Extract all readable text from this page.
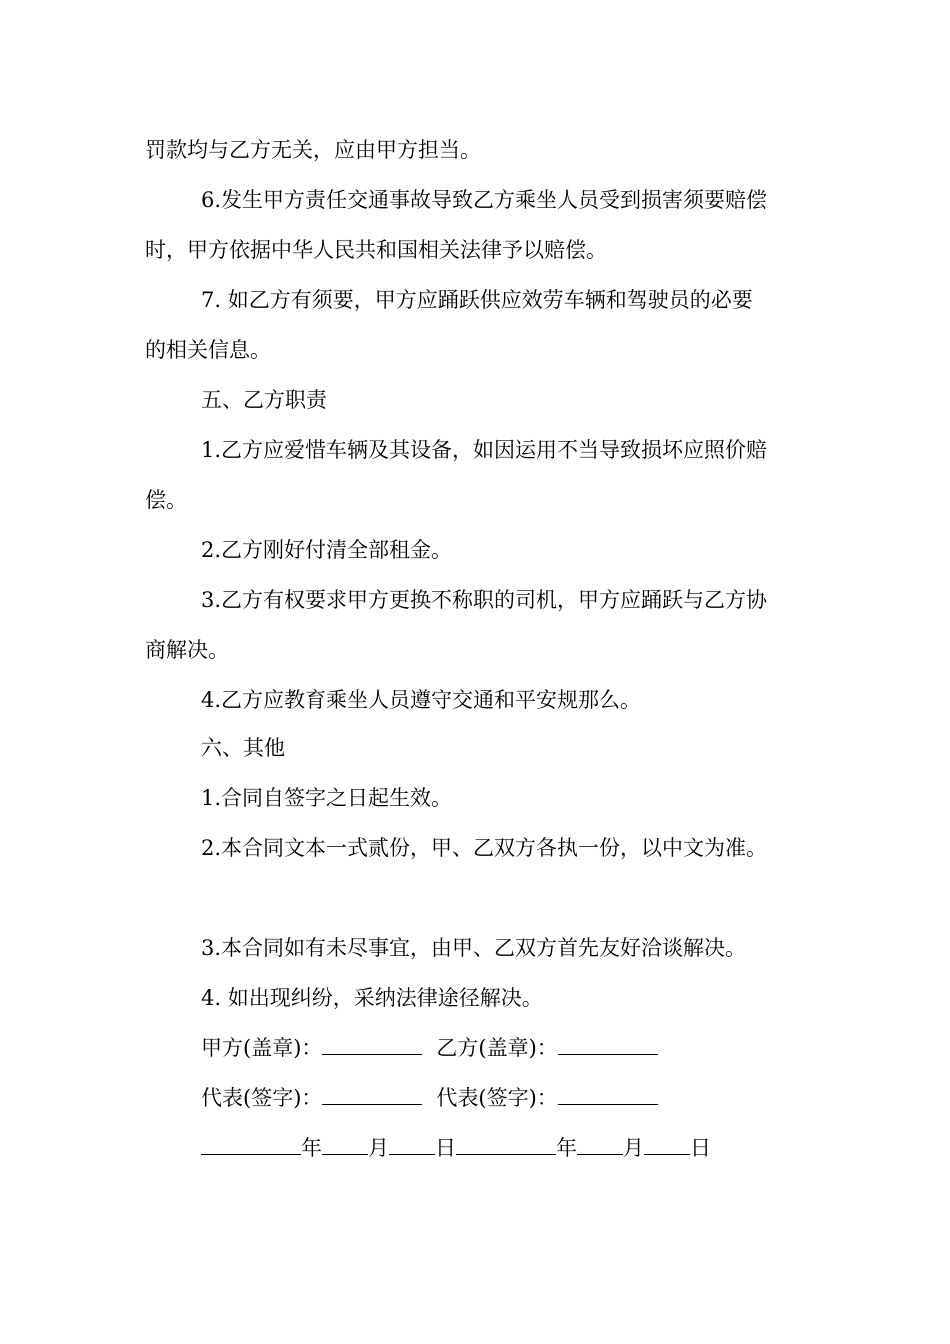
罚款均与乙方无关，应由甲方担当。

6.发生甲方责任交通事故导致乙方乘坐人员受到损害须要赔偿

时，甲方依据中华人民共和国相关法律予以赔偿。

7. 如乙方有须要，甲方应踊跃供应效劳车辆和驾驶员的必要

的相关信息。

五、乙方职责

1.乙方应爱惜车辆及其设备，如因运用不当导致损坏应照价赔

偿。

2.乙方刚好付清全部租金。

3.乙方有权要求甲方更换不称职的司机，甲方应踊跃与乙方协

商解决。

4.乙方应教育乘坐人员遵守交通和平安规那么。

六、其他

1.合同自签字之日起生效。

2.本合同文本一式贰份，甲、乙双方各执一份，以中文为准。

3.本合同如有未尽事宜，由甲、乙双方首先友好洽谈解决。

4. 如出现纠纷，采纳法律途径解决。

甲方(盖章)：	乙方(盖章)：
代表(签字)：	代表(签字)：
年 月 日	年 月 日
